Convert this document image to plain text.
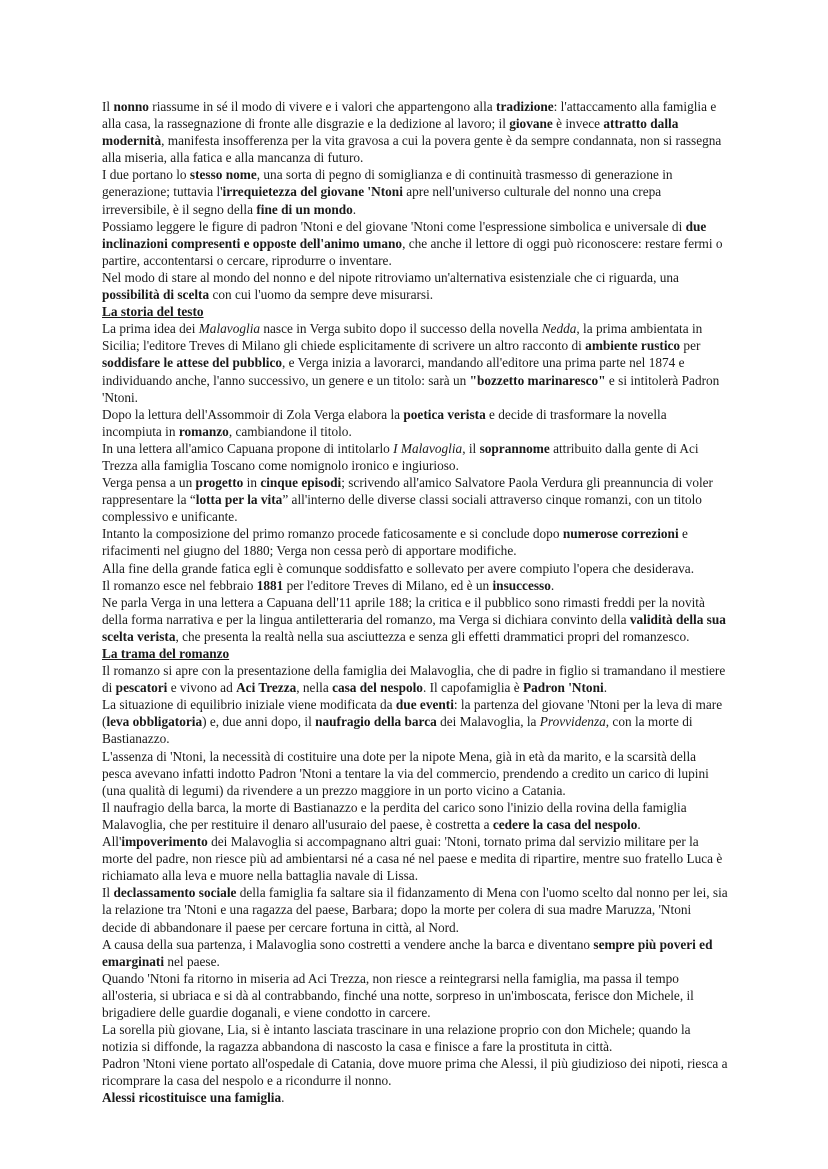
Il nonno riassume in sé il modo di vivere e i valori che appartengono alla tradizione: l'attaccamento alla famiglia e alla casa, la rassegnazione di fronte alle disgrazie e la dedizione al lavoro; il giovane è invece attratto dalla modernità, manifesta insofferenza per la vita gravosa a cui la povera gente è da sempre condannata, non si rassegna alla miseria, alla fatica e alla mancanza di futuro.

I due portano lo stesso nome, una sorta di pegno di somiglianza e di continuità trasmesso di generazione in generazione; tuttavia l'irrequietezza del giovane 'Ntoni apre nell'universo culturale del nonno una crepa irreversibile, è il segno della fine di un mondo.

Possiamo leggere le figure di padron 'Ntoni e del giovane 'Ntoni come l'espressione simbolica e universale di due inclinazioni compresenti e opposte dell'animo umano, che anche il lettore di oggi può riconoscere: restare fermi o partire, accontentarsi o cercare, riprodurre o inventare.

Nel modo di stare al mondo del nonno e del nipote ritroviamo un'alternativa esistenziale che ci riguarda, una possibilità di scelta con cui l'uomo da sempre deve misurarsi.

La storia del testo

La prima idea dei Malavoglia nasce in Verga subito dopo il successo della novella Nedda, la prima ambientata in Sicilia; l'editore Treves di Milano gli chiede esplicitamente di scrivere un altro racconto di ambiente rustico per soddisfare le attese del pubblico, e Verga inizia a lavorarci, mandando all'editore una prima parte nel 1874 e individuando anche, l'anno successivo, un genere e un titolo: sarà un "bozzetto marinaresco" e si intitolerà Padron 'Ntoni.

Dopo la lettura dell'Assommoir di Zola Verga elabora la poetica verista e decide di trasformare la novella incompiuta in romanzo, cambiandone il titolo.

In una lettera all'amico Capuana propone di intitolarlo I Malavoglia, il soprannome attribuito dalla gente di Aci Trezza alla famiglia Toscano come nomignolo ironico e ingiurioso.

Verga pensa a un progetto in cinque episodi; scrivendo all'amico Salvatore Paola Verdura gli preannuncia di voler rappresentare la “lotta per la vita” all'interno delle diverse classi sociali attraverso cinque romanzi, con un titolo complessivo e unificante.

Intanto la composizione del primo romanzo procede faticosamente e si conclude dopo numerose correzioni e rifacimenti nel giugno del 1880; Verga non cessa però di apportare modifiche.

Alla fine della grande fatica egli è comunque soddisfatto e sollevato per avere compiuto l'opera che desiderava.

Il romanzo esce nel febbraio 1881 per l'editore Treves di Milano, ed è un insuccesso.

Ne parla Verga in una lettera a Capuana dell'11 aprile 188; la critica e il pubblico sono rimasti freddi per la novità della forma narrativa e per la lingua antiletteraria del romanzo, ma Verga si dichiara convinto della validità della sua scelta verista, che presenta la realtà nella sua asciuttezza e senza gli effetti drammatici propri del romanzesco.

La trama del romanzo

Il romanzo si apre con la presentazione della famiglia dei Malavoglia, che di padre in figlio si tramandano il mestiere di pescatori e vivono ad Aci Trezza, nella casa del nespolo. Il capofamiglia è Padron 'Ntoni.

La situazione di equilibrio iniziale viene modificata da due eventi: la partenza del giovane 'Ntoni per la leva di mare (leva obbligatoria) e, due anni dopo, il naufragio della barca dei Malavoglia, la Provvidenza, con la morte di Bastianazzo.

L'assenza di 'Ntoni, la necessità di costituire una dote per la nipote Mena, già in età da marito, e la scarsità della pesca avevano infatti indotto Padron 'Ntoni a tentare la via del commercio, prendendo a credito un carico di lupini (una qualità di legumi) da rivendere a un prezzo maggiore in un porto vicino a Catania.

Il naufragio della barca, la morte di Bastianazzo e la perdita del carico sono l'inizio della rovina della famiglia Malavoglia, che per restituire il denaro all'usuraio del paese, è costretta a cedere la casa del nespolo.

All'impoverimento dei Malavoglia si accompagnano altri guai: 'Ntoni, tornato prima dal servizio militare per la morte del padre, non riesce più ad ambientarsi né a casa né nel paese e medita di ripartire, mentre suo fratello Luca è richiamato alla leva e muore nella battaglia navale di Lissa.

Il declassamento sociale della famiglia fa saltare sia il fidanzamento di Mena con l'uomo scelto dal nonno per lei, sia la relazione tra 'Ntoni e una ragazza del paese, Barbara; dopo la morte per colera di sua madre Maruzza, 'Ntoni decide di abbandonare il paese per cercare fortuna in città, al Nord.

A causa della sua partenza, i Malavoglia sono costretti a vendere anche la barca e diventano sempre più poveri ed emarginati nel paese.

Quando 'Ntoni fa ritorno in miseria ad Aci Trezza, non riesce a reintegrarsi nella famiglia, ma passa il tempo all'osteria, si ubriaca e si dà al contrabbando, finché una notte, sorpreso in un'imboscata, ferisce don Michele, il brigadiere delle guardie doganali, e viene condotto in carcere.

La sorella più giovane, Lia, si è intanto lasciata trascinare in una relazione proprio con don Michele; quando la notizia si diffonde, la ragazza abbandona di nascosto la casa e finisce a fare la prostituta in città.

Padron 'Ntoni viene portato all'ospedale di Catania, dove muore prima che Alessi, il più giudizioso dei nipoti, riesca a ricomprare la casa del nespolo e a ricondurre il nonno.

Alessi ricostituisce una famiglia.
